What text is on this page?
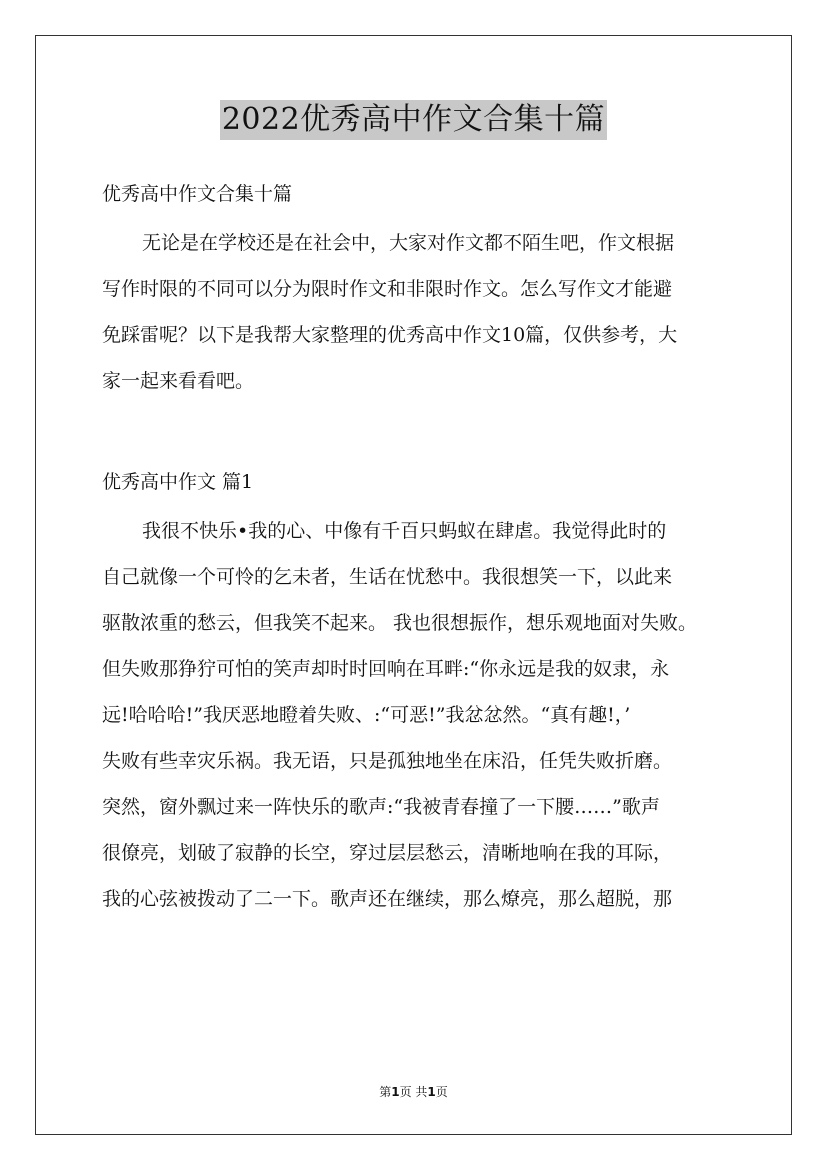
2022优秀高中作文合集十篇
优秀高中作文合集十篇
无论是在学校还是在社会中，大家对作文都不陌生吧，作文根据
写作时限的不同可以分为限时作文和非限时作文。怎么写作文才能避
免踩雷呢？以下是我帮大家整理的优秀高中作文10篇，仅供参考，大
家一起来看看吧。
优秀高中作文 篇1
我很不快乐•我的心、中像有千百只蚂蚁在肆虐。我觉得此时的
自己就像一个可怜的乞未者，生话在忧愁中。我很想笑一下，以此来
驱散浓重的愁云，但我笑不起来。 我也很想振作，想乐观地面对失败。
但失败那狰狞可怕的笑声却时时回响在耳畔:“你永远是我的奴隶，永
远!哈哈哈!”我厌恶地瞪着失败、:“可恶!”我忿忿然。“真有趣!，’
失败有些幸灾乐祸。我无语，只是孤独地坐在床沿，任凭失败折磨。
突然，窗外飘过来一阵快乐的歌声:“我被青春撞了一下腰……”歌声
很僚亮，划破了寂静的长空，穿过层层愁云，清晰地响在我的耳际，
我的心弦被拨动了二一下。歌声还在继续，那么燎亮，那么超脱，那
第1页 共1页
